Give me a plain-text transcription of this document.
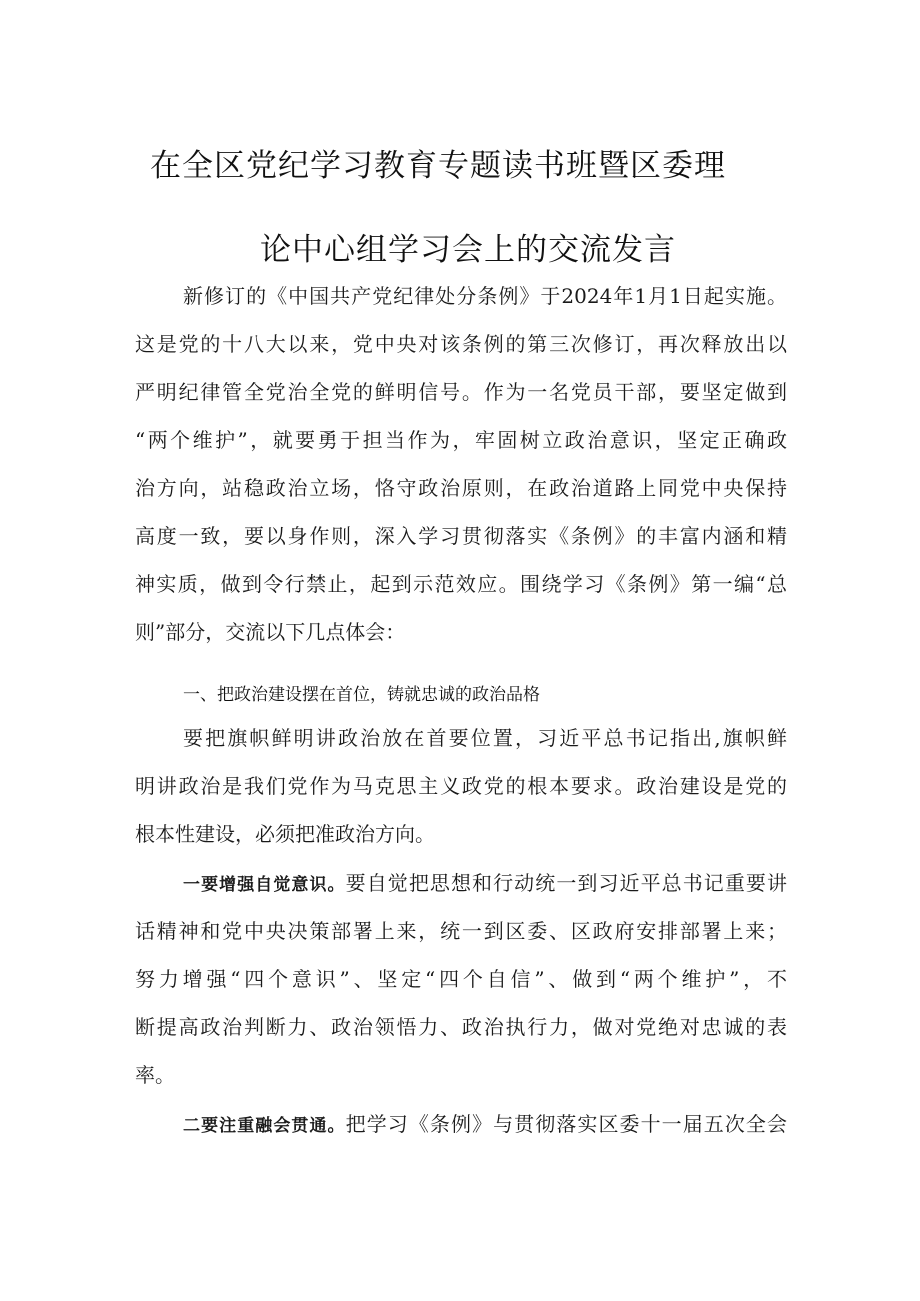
在全区党纪学习教育专题读书班暨区委理
论中心组学习会上的交流发言
新修订的《中国共产党纪律处分条例》于2024年1月1日起实施。
这是党的十八大以来，党中央对该条例的第三次修订，再次释放出以
严明纪律管全党治全党的鲜明信号。作为一名党员干部，要坚定做到
“两个维护”，就要勇于担当作为，牢固树立政治意识，坚定正确政
治方向，站稳政治立场，恪守政治原则，在政治道路上同党中央保持
高度一致，要以身作则，深入学习贯彻落实《条例》的丰富内涵和精
神实质，做到令行禁止，起到示范效应。围绕学习《条例》第一编“总
则”部分，交流以下几点体会：
一、把政治建设摆在首位，铸就忠诚的政治品格
要把旗帜鲜明讲政治放在首要位置，习近平总书记指出,旗帜鲜
明讲政治是我们党作为马克思主义政党的根本要求。政治建设是党的
根本性建设，必须把准政治方向。
一要增强自觉意识。要自觉把思想和行动统一到习近平总书记重要讲
话精神和党中央决策部署上来，统一到区委、区政府安排部署上来；
努力增强“四个意识”、坚定“四个自信”、做到“两个维护”，不
断提高政治判断力、政治领悟力、政治执行力，做对党绝对忠诚的表
率。
二要注重融会贯通。把学习《条例》与贯彻落实区委十一届五次全会
